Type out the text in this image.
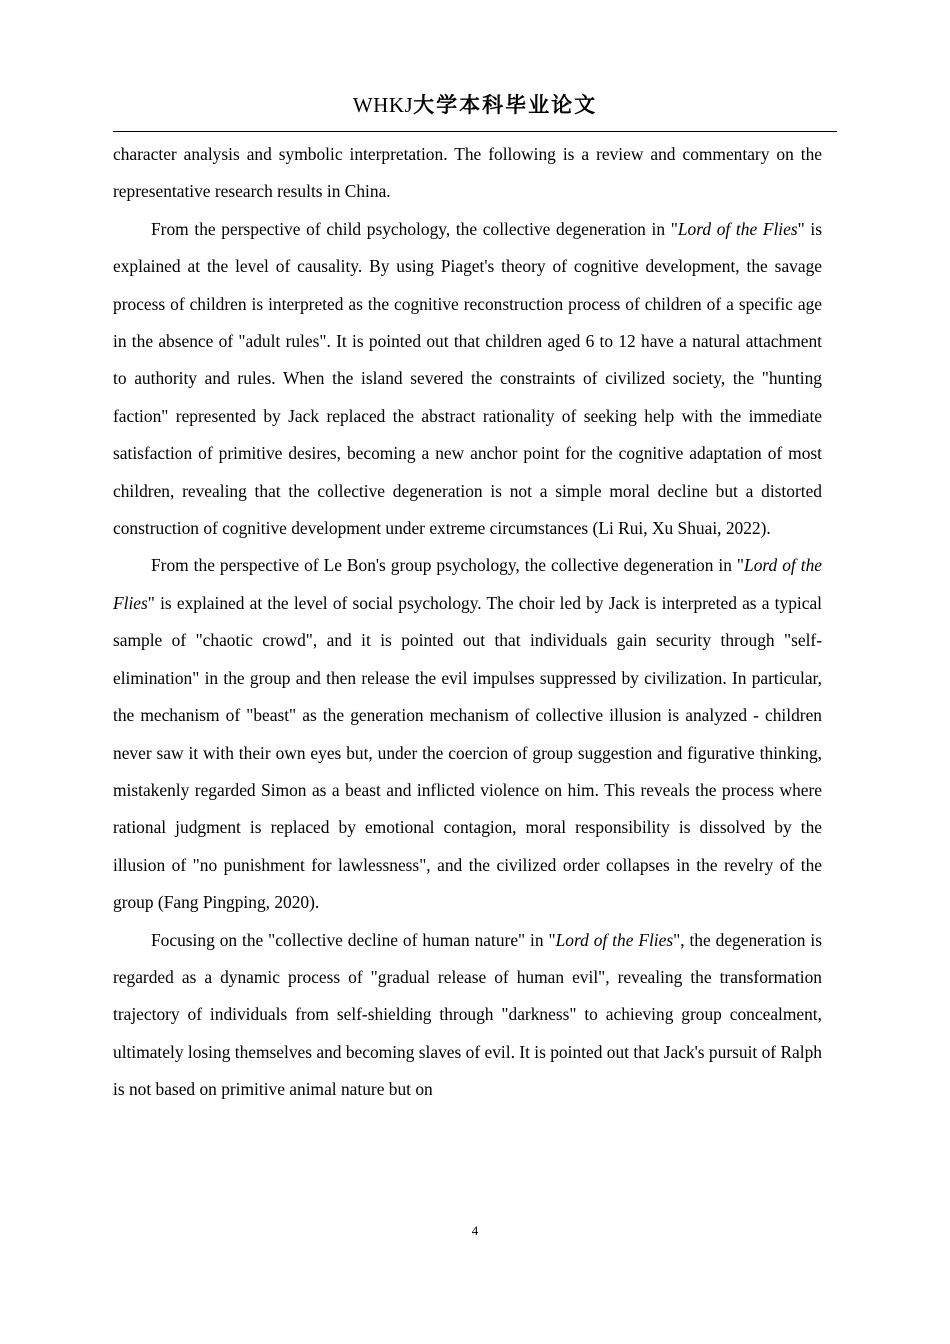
WHKJ大学本科毕业论文

character analysis and symbolic interpretation. The following is a review and commentary on the representative research results in China.

From the perspective of child psychology, the collective degeneration in "Lord of the Flies" is explained at the level of causality. By using Piaget's theory of cognitive development, the savage process of children is interpreted as the cognitive reconstruction process of children of a specific age in the absence of "adult rules". It is pointed out that children aged 6 to 12 have a natural attachment to authority and rules. When the island severed the constraints of civilized society, the "hunting faction" represented by Jack replaced the abstract rationality of seeking help with the immediate satisfaction of primitive desires, becoming a new anchor point for the cognitive adaptation of most children, revealing that the collective degeneration is not a simple moral decline but a distorted construction of cognitive development under extreme circumstances (Li Rui, Xu Shuai, 2022).

From the perspective of Le Bon's group psychology, the collective degeneration in "Lord of the Flies" is explained at the level of social psychology. The choir led by Jack is interpreted as a typical sample of "chaotic crowd", and it is pointed out that individuals gain security through "self-elimination" in the group and then release the evil impulses suppressed by civilization. In particular, the mechanism of "beast" as the generation mechanism of collective illusion is analyzed - children never saw it with their own eyes but, under the coercion of group suggestion and figurative thinking, mistakenly regarded Simon as a beast and inflicted violence on him. This reveals the process where rational judgment is replaced by emotional contagion, moral responsibility is dissolved by the illusion of "no punishment for lawlessness", and the civilized order collapses in the revelry of the group (Fang Pingping, 2020).

Focusing on the "collective decline of human nature" in "Lord of the Flies", the degeneration is regarded as a dynamic process of "gradual release of human evil", revealing the transformation trajectory of individuals from self-shielding through "darkness" to achieving group concealment, ultimately losing themselves and becoming slaves of evil. It is pointed out that Jack's pursuit of Ralph is not based on primitive animal nature but on

4
